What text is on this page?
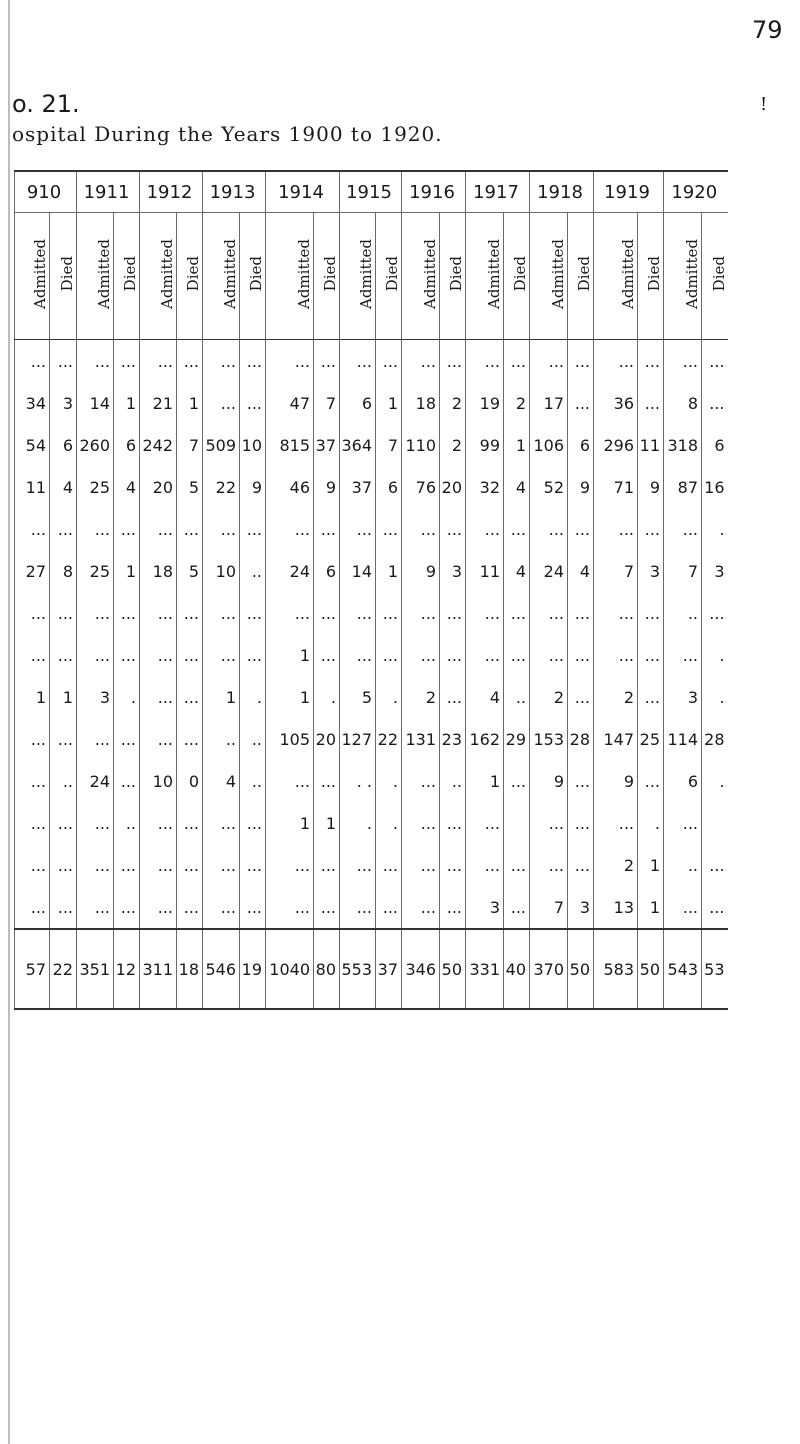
79
o. 21.	!
ospital During the Years 1900 to 1920.
910		1911		1912		1913		1914		1915		1916		1917		1918		1919		1920	
Admitted	Died	Admitted	Died	Admitted	Died	Admitted	Died	Admitted	Died	Admitted	Died	Admitted	Died	Admitted	Died	Admitted	Died	Admitted	Died	Admitted	Died
...	...	...	...	...	...	...	...	...	...	...	...	...	...	...	...	...	...	...	...	...	...
34	3	14	1	21	1	...	...	47	7	6	1	18	2	19	2	17	...	36	...	8	...
54	6	260	6	242	7	509	10	815	37	364	7	110	2	99	1	106	6	296	11	318	6
11	4	25	4	20	5	22	9	46	9	37	6	76	20	32	4	52	9	71	9	87	16
...	...	...	...	...	...	...	...	...	...	...	...	...	...	...	...	...	...	...	...	...	.
27	8	25	1	18	5	10	..	24	6	14	1	9	3	11	4	24	4	7	3	7	3
...	...	...	...	...	...	...	...	...	...	...	...	...	...	...	...	...	...	...	...	..	...
...	...	...	...	...	...	...	...	1	...	...	...	...	...	...	...	...	...	...	...	...	.
1	1	3	.	...	...	1	.	1	.	5	.	2	...	4	..	2	...	2	...	3	.
...	...	...	...	...	...	..	..	105	20	127	22	131	23	162	29	153	28	147	25	114	28
...	..	24	...	10	0	4	..	...	...	. .	.	...	..	1	...	9	...	9	...	6	.
...	...	...	..	...	...	...	...	1	1	.	.	...	...	...		...	...	...	.	...	
...	...	...	...	...	...	...	...	...	...	...	...	...	...	...	...	...	...	2	1	..	...
...	...	...	...	...	...	...	...	...	...	...	...	...	...	3	...	7	3	13	1	...	...
57	22	351	12	311	18	546	19	1040	80	553	37	346	50	331	40	370	50	583	50	543	53
